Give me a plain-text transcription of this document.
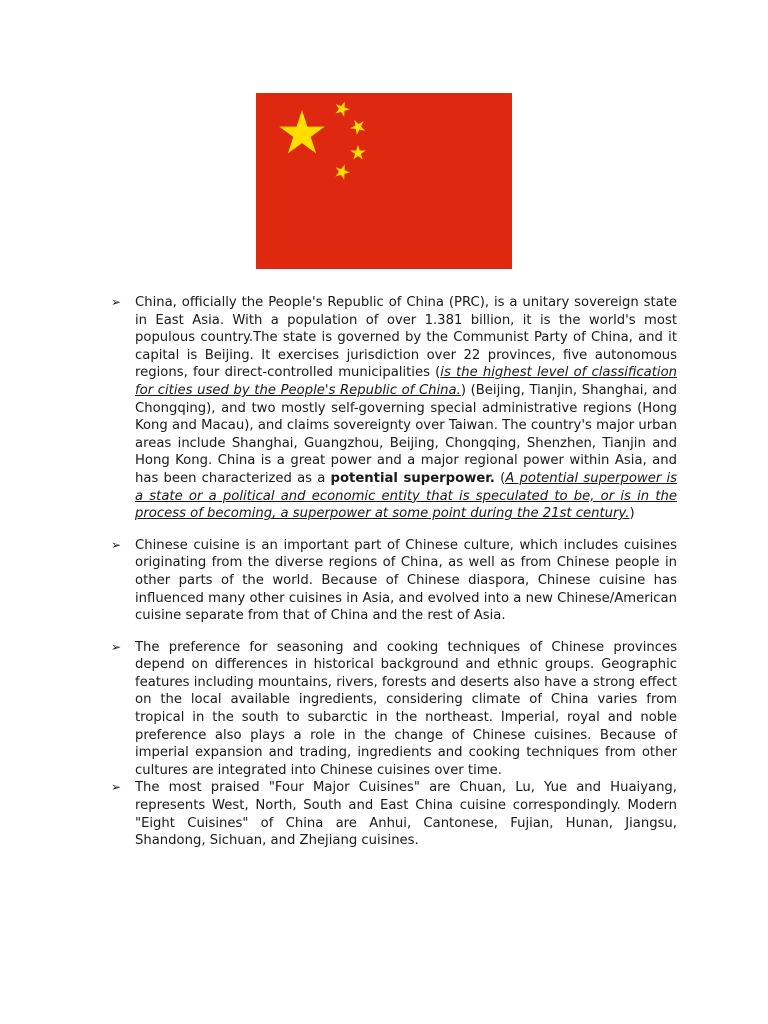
➢ China, officially the People's Republic of China (PRC), is a unitary sovereign state in East Asia. With a population of over 1.381 billion, it is the world's most populous country.The state is governed by the Communist Party of China, and it capital is Beijing. It exercises jurisdiction over 22 provinces, five autonomous regions, four direct-controlled municipalities (is the highest level of classification for cities used by the People's Republic of China.) (Beijing, Tianjin, Shanghai, and Chongqing), and two mostly self-governing special administrative regions (Hong Kong and Macau), and claims sovereignty over Taiwan. The country's major urban areas include Shanghai, Guangzhou, Beijing, Chongqing, Shenzhen, Tianjin and Hong Kong. China is a great power and a major regional power within Asia, and has been characterized as a potential superpower. (A potential superpower is a state or a political and economic entity that is speculated to be, or is in the process of becoming, a superpower at some point during the 21st century.)
➢ Chinese cuisine is an important part of Chinese culture, which includes cuisines originating from the diverse regions of China, as well as from Chinese people in other parts of the world. Because of Chinese diaspora, Chinese cuisine has influenced many other cuisines in Asia, and evolved into a new Chinese/American cuisine separate from that of China and the rest of Asia.
➢ The preference for seasoning and cooking techniques of Chinese provinces depend on differences in historical background and ethnic groups. Geographic features including mountains, rivers, forests and deserts also have a strong effect on the local available ingredients, considering climate of China varies from tropical in the south to subarctic in the northeast. Imperial, royal and noble preference also plays a role in the change of Chinese cuisines. Because of imperial expansion and trading, ingredients and cooking techniques from other cultures are integrated into Chinese cuisines over time.
➢ The most praised "Four Major Cuisines" are Chuan, Lu, Yue and Huaiyang, represents West, North, South and East China cuisine correspondingly. Modern "Eight Cuisines" of China are Anhui, Cantonese, Fujian, Hunan, Jiangsu, Shandong, Sichuan, and Zhejiang cuisines.
